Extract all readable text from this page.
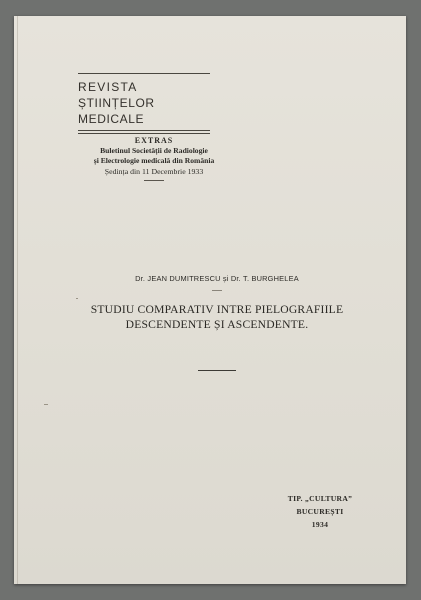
REVISTA
ȘTIINȚELOR MEDICALE
EXTRAS
Buletinul Societății de Radiologie
și Electrologie medicală din România
Ședința din 11 Decembrie 1933
Dr. JEAN DUMITRESCU și Dr. T. BURGHELEA
STUDIU COMPARATIV INTRE PIELOGRAFIILE
DESCENDENTE ȘI ASCENDENTE.
TIP. „CULTURA”
BUCUREȘTI
1934
